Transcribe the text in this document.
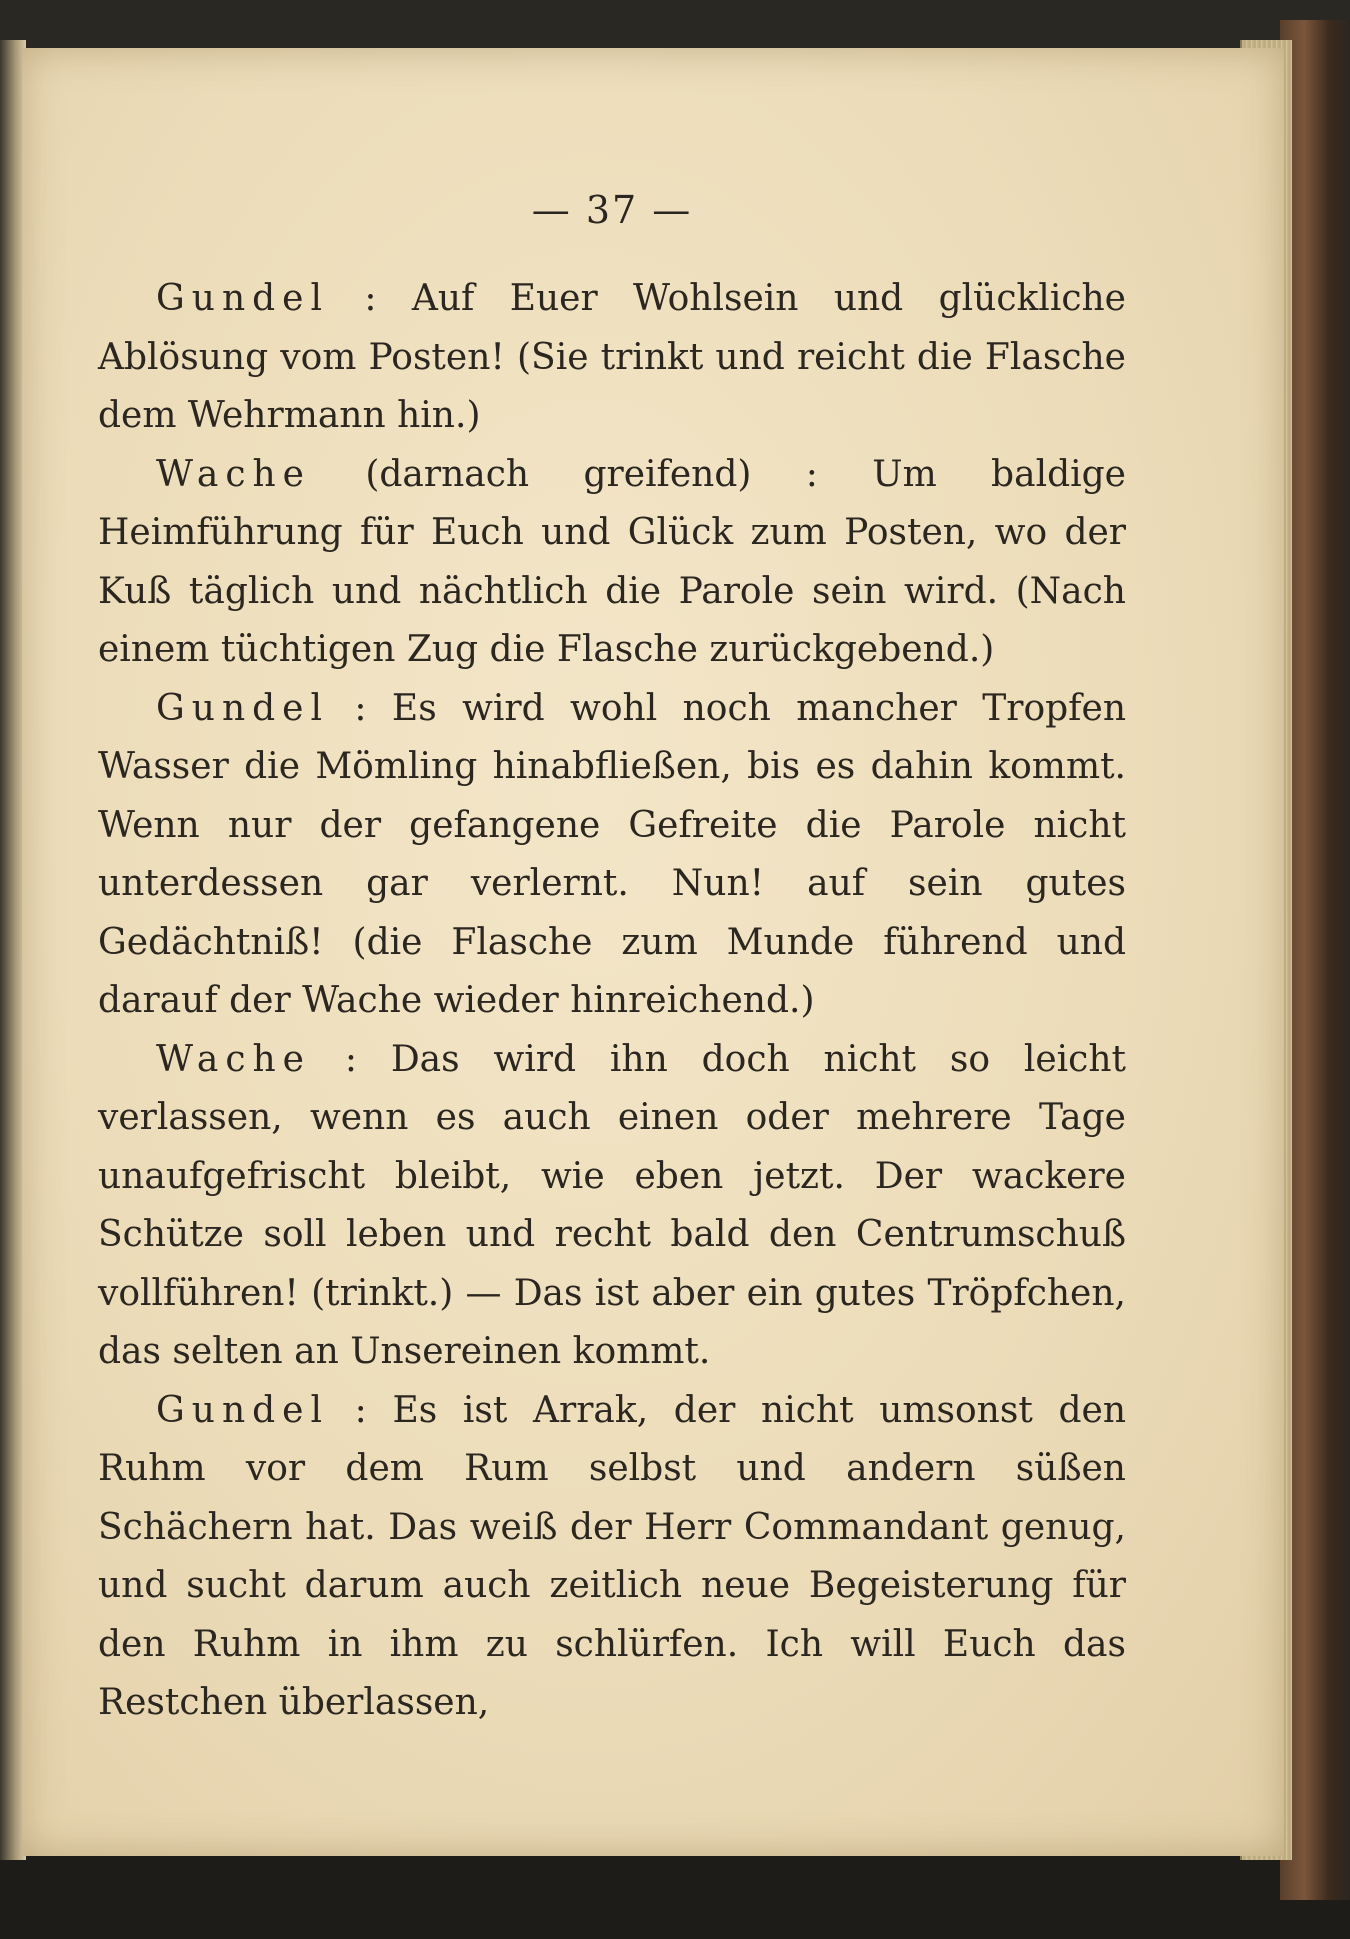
— 37 —

Gundel : Auf Euer Wohlsein und glückliche Ablösung vom Posten! (Sie trinkt und reicht die Flasche dem Wehrmann hin.)

Wache (darnach greifend) : Um baldige Heimführung für Euch und Glück zum Posten, wo der Kuß täglich und nächtlich die Parole sein wird. (Nach einem tüchtigen Zug die Flasche zurückgebend.)

Gundel : Es wird wohl noch mancher Tropfen Wasser die Mömling hinabfließen, bis es dahin kommt. Wenn nur der gefangene Gefreite die Parole nicht unterdessen gar verlernt. Nun! auf sein gutes Gedächtniß! (die Flasche zum Munde führend und darauf der Wache wieder hinreichend.)

Wache : Das wird ihn doch nicht so leicht verlassen, wenn es auch einen oder mehrere Tage unaufgefrischt bleibt, wie eben jetzt. Der wackere Schütze soll leben und recht bald den Centrumschuß vollführen! (trinkt.) — Das ist aber ein gutes Tröpfchen, das selten an Unsereinen kommt.

Gundel : Es ist Arrak, der nicht umsonst den Ruhm vor dem Rum selbst und andern süßen Schächern hat. Das weiß der Herr Commandant genug, und sucht darum auch zeitlich neue Begeisterung für den Ruhm in ihm zu schlürfen. Ich will Euch das Restchen überlassen,
